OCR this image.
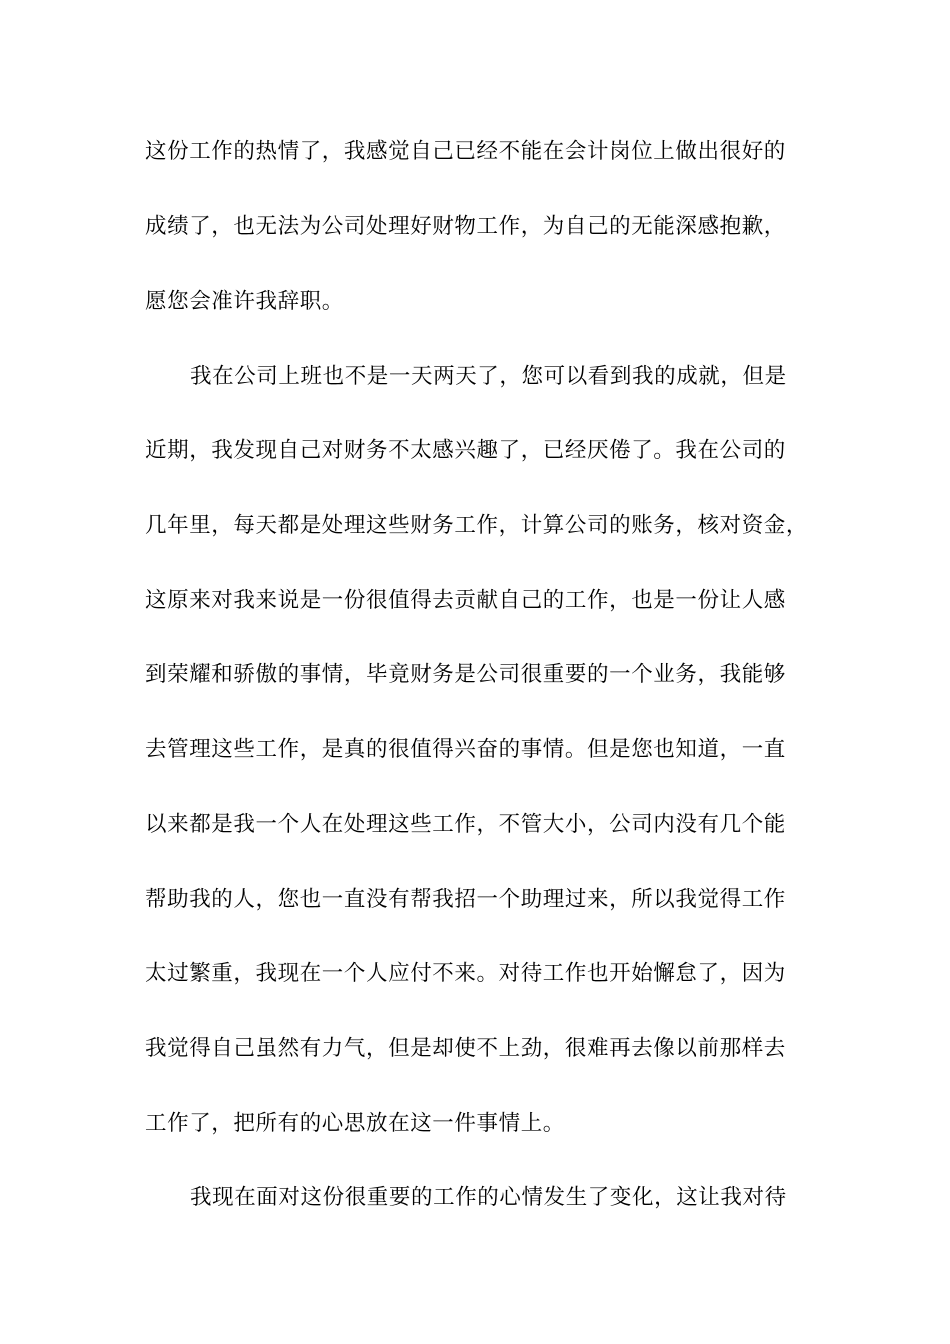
这份工作的热情了，我感觉自己已经不能在会计岗位上做出很好的
成绩了，也无法为公司处理好财物工作，为自己的无能深感抱歉，
愿您会准许我辞职。
我在公司上班也不是一天两天了，您可以看到我的成就，但是
近期，我发现自己对财务不太感兴趣了，已经厌倦了。我在公司的
几年里，每天都是处理这些财务工作，计算公司的账务，核对资金，
这原来对我来说是一份很值得去贡献自己的工作，也是一份让人感
到荣耀和骄傲的事情，毕竟财务是公司很重要的一个业务，我能够
去管理这些工作，是真的很值得兴奋的事情。但是您也知道，一直
以来都是我一个人在处理这些工作，不管大小，公司内没有几个能
帮助我的人，您也一直没有帮我招一个助理过来，所以我觉得工作
太过繁重，我现在一个人应付不来。对待工作也开始懈怠了，因为
我觉得自己虽然有力气，但是却使不上劲，很难再去像以前那样去
工作了，把所有的心思放在这一件事情上。
我现在面对这份很重要的工作的心情发生了变化，这让我对待
